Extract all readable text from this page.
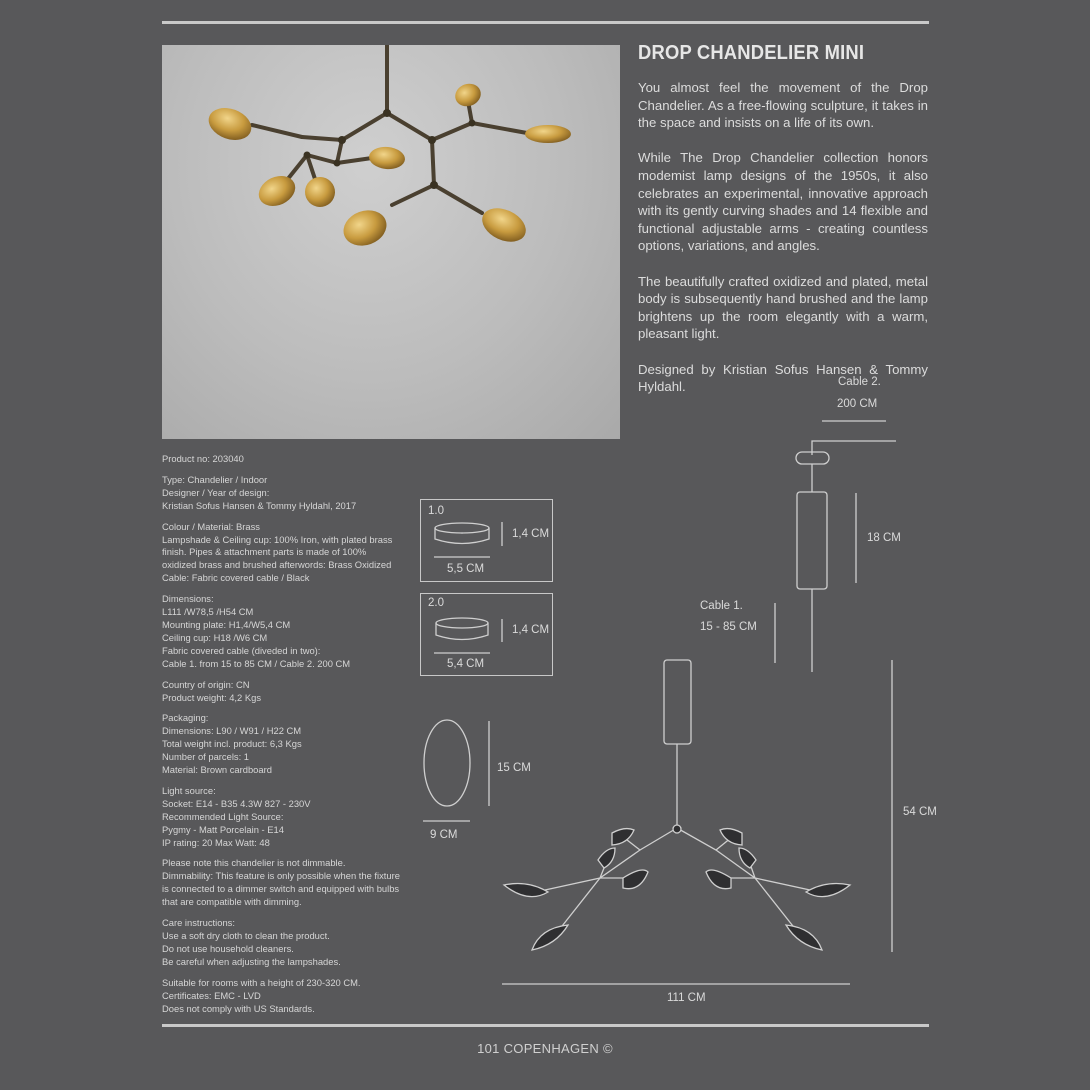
DROP CHANDELIER MINI

You almost feel the movement of the Drop Chandelier. As a free-flowing sculpture, it takes in the space and insists on a life of its own.

While The Drop Chandelier collection honors modemist lamp designs of the 1950s, it also celebrates an experimental, innovative approach with its gently curving shades and 14 flexible and functional adjustable arms - creating countless options, variations, and angles.

The beautifully crafted oxidized and plated, metal body is subsequently hand brushed and the lamp brightens up the room elegantly with a warm, pleasant light.

Designed by Kristian Sofus Hansen & Tommy Hyldahl.

Product no: 203040
Type: Chandelier / Indoor
Designer / Year of design:
Kristian Sofus Hansen & Tommy Hyldahl, 2017
Colour / Material: Brass
Lampshade & Ceiling cup: 100% Iron, with plated brass finish. Pipes & attachment parts is made of 100% oxidized brass and brushed afterwords: Brass Oxidized
Cable: Fabric covered cable / Black
Dimensions:
L111 /W78,5 /H54 CM
Mounting plate: H1,4/W5,4 CM
Ceiling cup: H18 /W6 CM
Fabric covered cable (diveded in two):
Cable 1. from 15 to 85 CM / Cable 2. 200 CM
Country of origin: CN
Product weight: 4,2 Kgs
Packaging:
Dimensions: L90 / W91 / H22 CM
Total weight incl. product: 6,3 Kgs
Number of parcels: 1
Material: Brown cardboard
Light source:
Socket: E14 - B35 4.3W 827 - 230V
Recommended Light Source:
Pygmy - Matt Porcelain - E14
IP rating: 20 Max Watt: 48
Please note this chandelier is not dimmable.
Dimmability: This feature is only possible when the fixture is connected to a dimmer switch and equipped with bulbs that are compatible with dimming.
Care instructions:
Use a soft dry cloth to clean the product.
Do not use household cleaners.
Be careful when adjusting the lampshades.
Suitable for rooms with a height of 230-320 CM.
Certificates: EMC - LVD
Does not comply with US Standards.
1.0
1,4 CM
5,5 CM
2.0
1,4 CM
5,4 CM
15 CM
9 CM
Cable 2.
200 CM
18 CM
Cable 1.
15 - 85 CM
54 CM
111 CM
101 COPENHAGEN ©
